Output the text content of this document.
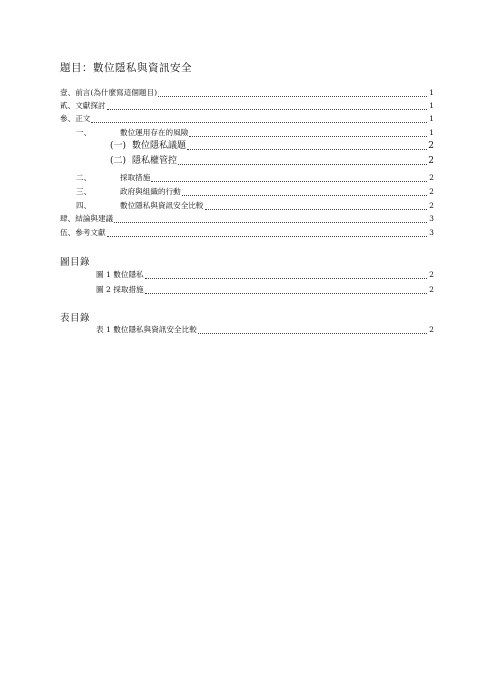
題目：數位隱私與資訊安全
壹、 前言(為什麼寫這個題目)	1
貳、 文獻探討	1
參、 正文	1
一、	數位運用存在的風險	1
(一) 數位隱私議題	2
(二) 隱私權管控	2
二、	採取措施	2
三、	政府與組織的行動	2
四、	數位隱私與資訊安全比較	2
肆、 結論與建議	3
伍、 參考文獻	3
圖目錄
圖 1 數位隱私	2
圖 2 採取措施	2
表目錄
表 1 數位隱私與資訊安全比較	2
